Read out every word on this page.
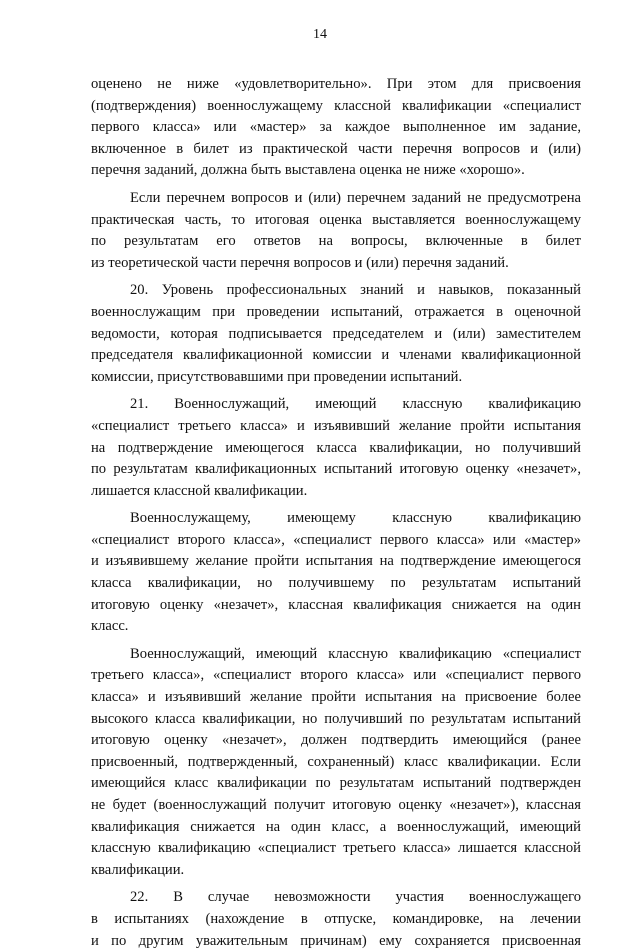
14
оценено не ниже «удовлетворительно». При этом для присвоения
(подтверждения) военнослужащему классной квалификации «специалист
первого класса» или «мастер» за каждое выполненное им задание,
включенное в билет из практической части перечня вопросов и (или)
перечня заданий, должна быть выставлена оценка не ниже «хорошо».
Если перечнем вопросов и (или) перечнем заданий не предусмотрена
практическая часть, то итоговая оценка выставляется военнослужащему
по результатам его ответов на вопросы, включенные в билет
из теоретической части перечня вопросов и (или) перечня заданий.
20. Уровень профессиональных знаний и навыков, показанный
военнослужащим при проведении испытаний, отражается в оценочной
ведомости, которая подписывается председателем и (или) заместителем
председателя квалификационной комиссии и членами квалификационной
комиссии, присутствовавшими при проведении испытаний.
21. Военнослужащий, имеющий классную квалификацию
«специалист третьего класса» и изъявивший желание пройти испытания
на подтверждение имеющегося класса квалификации, но получивший
по результатам квалификационных испытаний итоговую оценку «незачет»,
лишается классной квалификации.
Военнослужащему, имеющему классную квалификацию
«специалист второго класса», «специалист первого класса» или «мастер»
и изъявившему желание пройти испытания на подтверждение имеющегося
класса квалификации, но получившему по результатам испытаний
итоговую оценку «незачет», классная квалификация снижается на один
класс.
Военнослужащий, имеющий классную квалификацию «специалист
третьего класса», «специалист второго класса» или «специалист первого
класса» и изъявивший желание пройти испытания на присвоение более
высокого класса квалификации, но получивший по результатам испытаний
итоговую оценку «незачет», должен подтвердить имеющийся (ранее
присвоенный, подтвержденный, сохраненный) класс квалификации. Если
имеющийся класс квалификации по результатам испытаний подтвержден
не будет (военнослужащий получит итоговую оценку «незачет»), классная
квалификация снижается на один класс, а военнослужащий, имеющий
классную квалификацию «специалист третьего класса» лишается классной
квалификации.
22. В случае невозможности участия военнослужащего
в испытаниях (нахождение в отпуске, командировке, на лечении
и по другим уважительным причинам) ему сохраняется присвоенная
